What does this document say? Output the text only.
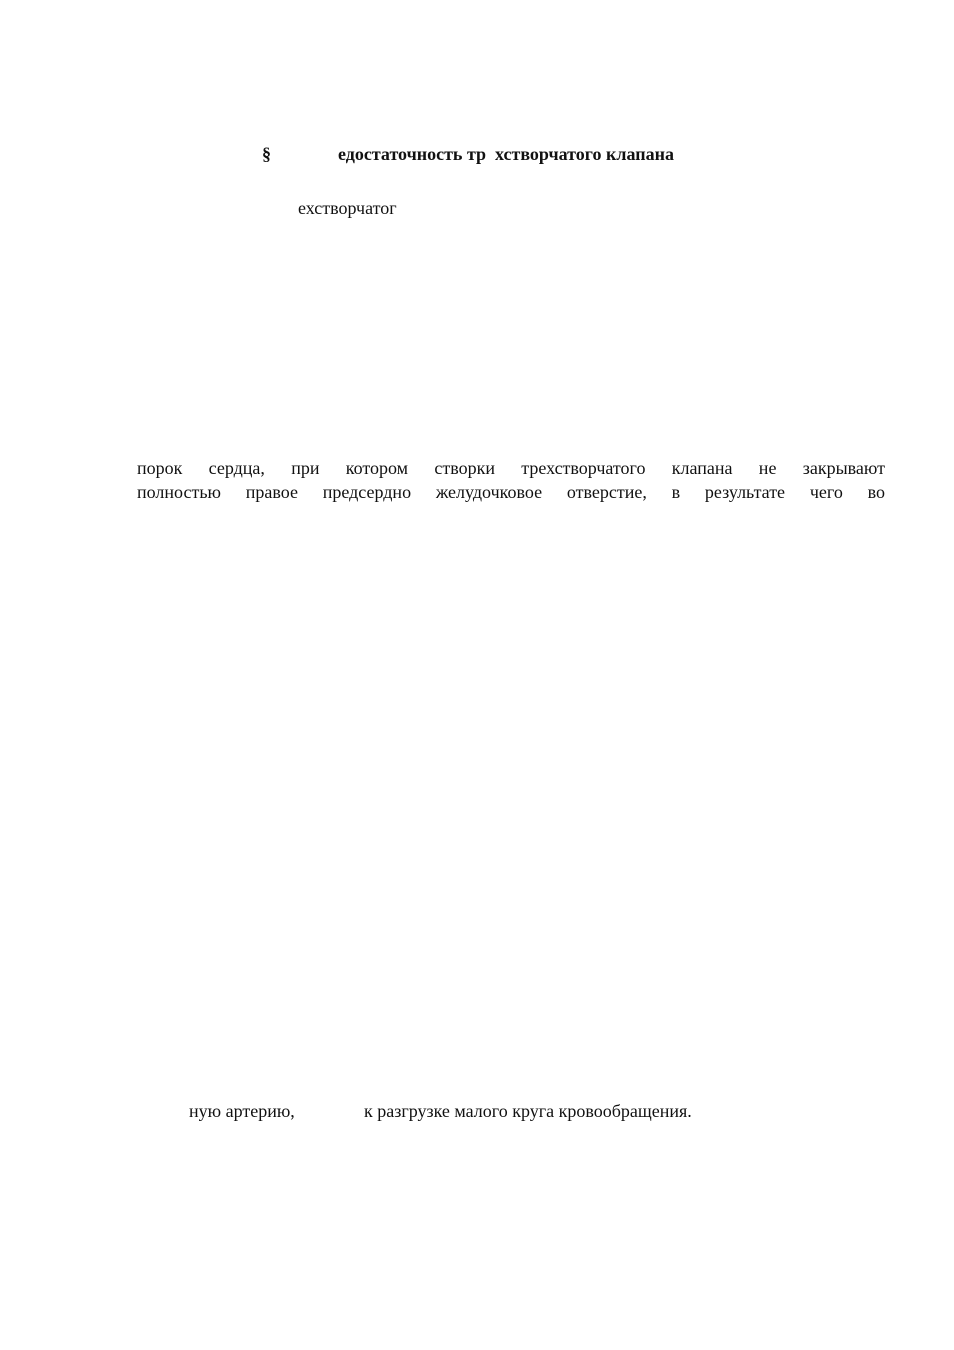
§	едостаточность тр  хстворчатого клапана
ехстворчатог
порок сердца, при котором створки трехстворчатого клапана не закрывают
полностью правое предсердно желудочковое отверстие, в результате чего во
ную артерию,	к разгрузке малого круга кровообращения.
